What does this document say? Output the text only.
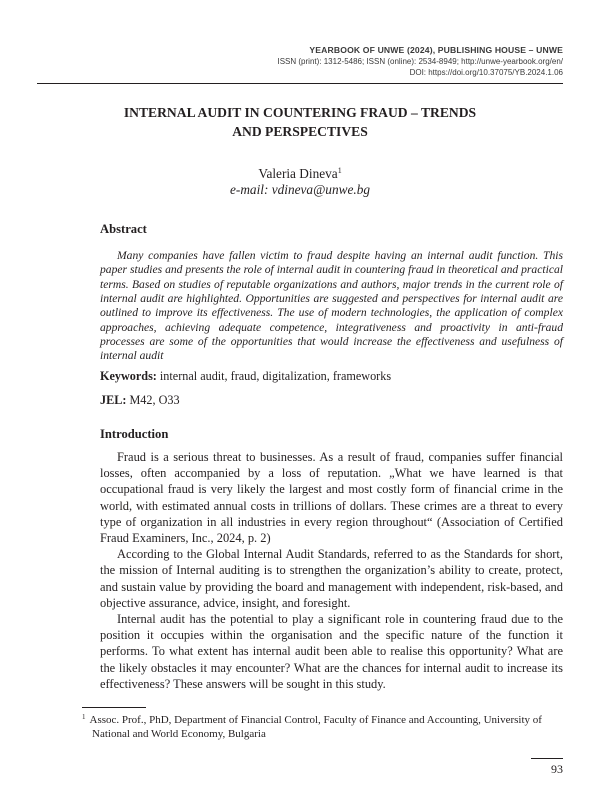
YEARBOOK OF UNWE (2024), PUBLISHING HOUSE – UNWE
ISSN (print): 1312-5486; ISSN (online): 2534-8949; http://unwe-yearbook.org/en/
DOI: https://doi.org/10.37075/YB.2024.1.06
INTERNAL AUDIT IN COUNTERING FRAUD – TRENDS
AND PERSPECTIVES
Valeria Dineva$^1$
e-mail: vdineva@unwe.bg
Abstract

Many companies have fallen victim to fraud despite having an internal audit function. This paper studies and presents the role of internal audit in countering fraud in theoretical and practical terms. Based on studies of reputable organizations and authors, major trends in the current role of internal audit are highlighted. Opportunities are suggested and perspectives for internal audit are outlined to improve its effectiveness. The use of modern technologies, the application of complex approaches, achieving adequate competence, integrativeness and proactivity in anti-fraud processes are some of the opportunities that would increase the effectiveness and usefulness of internal audit

Keywords: internal audit, fraud, digitalization, frameworks
JEL: M42, O33
Introduction

Fraud is a serious threat to businesses. As a result of fraud, companies suffer financial losses, often accompanied by a loss of reputation. „What we have learned is that occupational fraud is very likely the largest and most costly form of financial crime in the world, with estimated annual costs in trillions of dollars. These crimes are a threat to every type of organization in all industries in every region throughout“ (Association of Certified Fraud Examiners, Inc., 2024, p. 2)

According to the Global Internal Audit Standards, referred to as the Standards for short, the mission of Internal auditing is to strengthen the organization’s ability to create, protect, and sustain value by providing the board and management with independent, risk-based, and objective assurance, advice, insight, and foresight.

Internal audit has the potential to play a significant role in countering fraud due to the position it occupies within the organisation and the specific nature of the function it performs. To what extent has internal audit been able to realise this opportunity? What are the likely obstacles it may encounter? What are the chances for internal audit to increase its effectiveness? These answers will be sought in this study.

$^1$ Assoc. Prof., PhD, Department of Financial Control, Faculty of Finance and Accounting, University of National and World Economy, Bulgaria
93
